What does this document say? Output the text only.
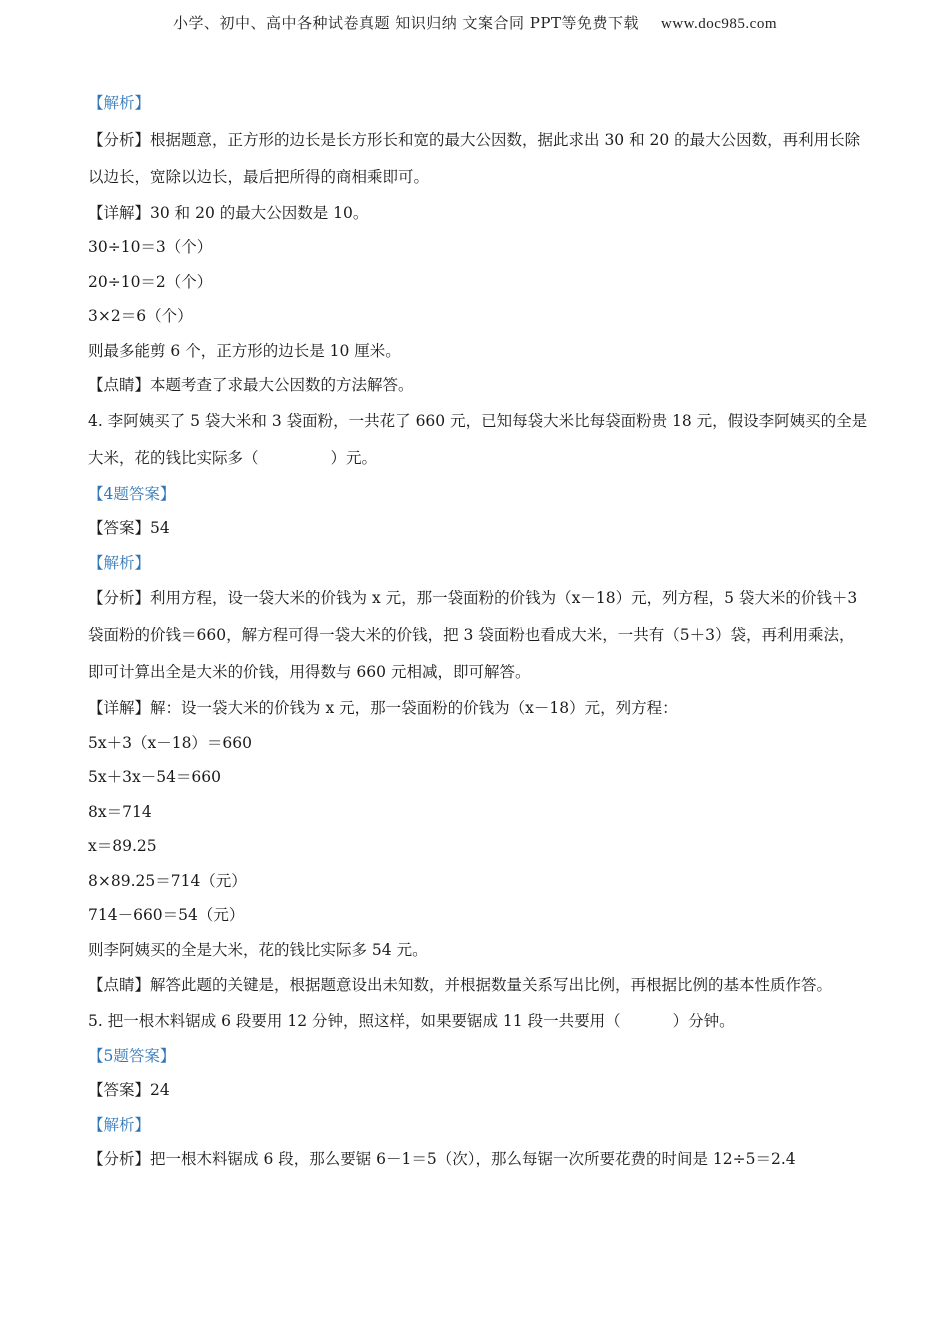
小学、初中、高中各种试卷真题 知识归纳 文案合同 PPT等免费下载 www.doc985.com
【解析】
【分析】根据题意，正方形的边长是长方形长和宽的最大公因数，据此求出 30 和 20 的最大公因数，再利用长除以边长，宽除以边长，最后把所得的商相乘即可。
【详解】30 和 20 的最大公因数是 10。
30÷10＝3（个）
20÷10＝2（个）
3×2＝6（个）
则最多能剪 6 个，正方形的边长是 10 厘米。
【点睛】本题考查了求最大公因数的方法解答。
4. 李阿姨买了 5 袋大米和 3 袋面粉，一共花了 660 元，已知每袋大米比每袋面粉贵 18 元，假设李阿姨买的全是大米，花的钱比实际多（	）元。
【4题答案】
【答案】54
【解析】
【分析】利用方程，设一袋大米的价钱为 x 元，那一袋面粉的价钱为（x－18）元，列方程，5 袋大米的价钱＋3 袋面粉的价钱＝660，解方程可得一袋大米的价钱，把 3 袋面粉也看成大米，一共有（5＋3）袋，再利用乘法，即可计算出全是大米的价钱，用得数与 660 元相减，即可解答。
【详解】解：设一袋大米的价钱为 x 元，那一袋面粉的价钱为（x－18）元，列方程：
5x＋3（x－18）＝660
5x＋3x－54＝660
8x＝714
x＝89.25
8×89.25＝714（元）
714－660＝54（元）
则李阿姨买的全是大米，花的钱比实际多 54 元。
【点睛】解答此题的关键是，根据题意设出未知数，并根据数量关系写出比例，再根据比例的基本性质作答。
5. 把一根木料锯成 6 段要用 12 分钟，照这样，如果要锯成 11 段一共要用（	）分钟。
【5题答案】
【答案】24
【解析】
【分析】把一根木料锯成 6 段，那么要锯 6－1＝5（次），那么每锯一次所要花费的时间是 12÷5＝2.4
